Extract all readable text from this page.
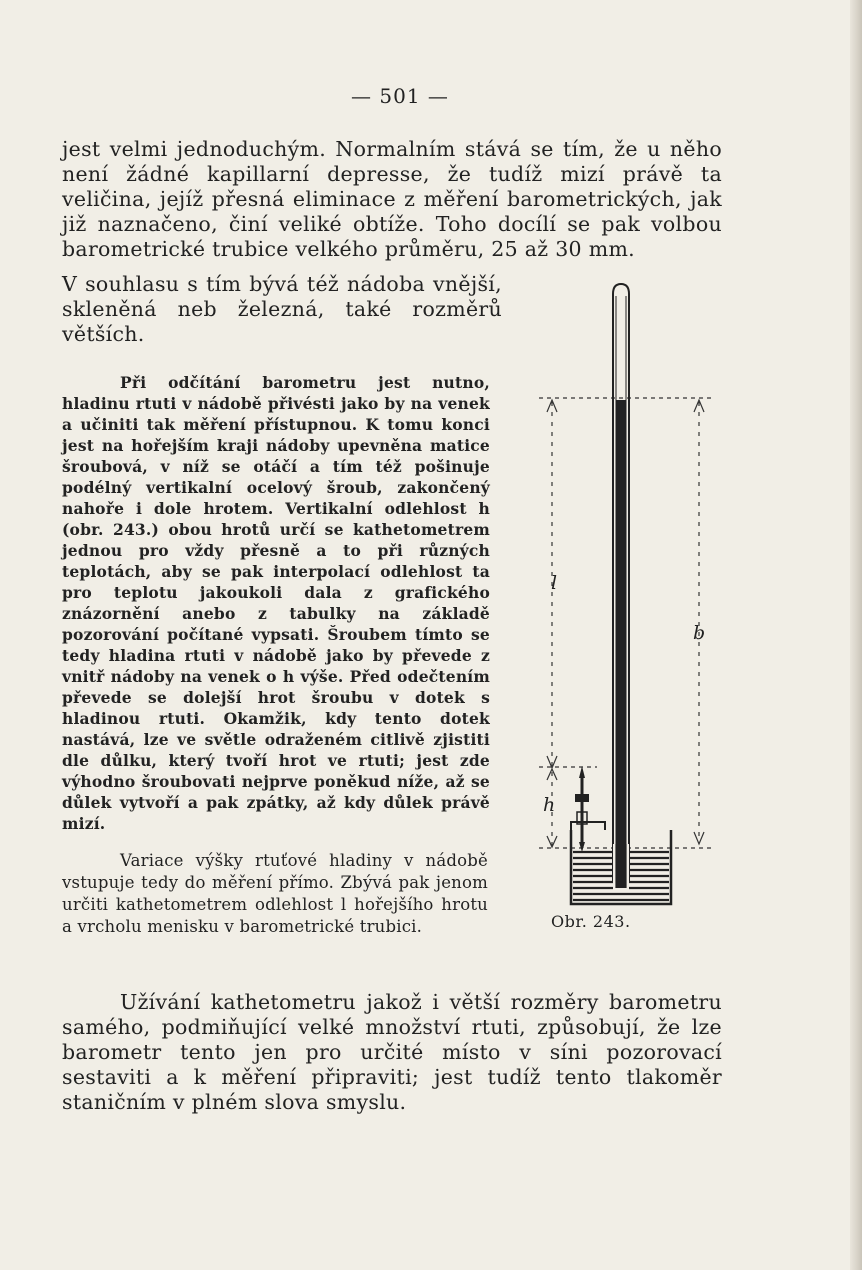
— 501 —

jest velmi jednoduchým. Normalním stává se tím, že u něho není žádné kapillarní depresse, že tudíž mizí právě ta veličina, jejíž přesná eliminace z měření barometrických, jak již naznačeno, činí veliké obtíže. Toho docílí se pak volbou barometrické trubice velkého průměru, 25 až 30 mm.

V souhlasu s tím bývá též nádoba vnější, skleněná neb železná, také rozměrů větších.

Při odčítání barometru jest nutno, hladinu rtuti v nádobě přivésti jako by na venek a učiniti tak měření přístupnou. K tomu konci jest na hořejším kraji nádoby upevněna matice šroubová, v níž se otáčí a tím též pošinuje podélný vertikalní ocelový šroub, zakončený nahoře i dole hrotem. Vertikalní odlehlost h (obr. 243.) obou hrotů určí se kathetometrem jednou pro vždy přesně a to při různých teplotách, aby se pak interpolací odlehlost ta pro teplotu jakoukoli dala z grafického znázornění anebo z tabulky na základě pozorování počítané vypsati. Šroubem tímto se tedy hladina rtuti v nádobě jako by převede z vnitř nádoby na venek o h výše. Před odečtením převede se dolejší hrot šroubu v dotek s hladinou rtuti. Okamžik, kdy tento dotek nastává, lze ve světle odraženém citlivě zjistiti dle důlku, který tvoří hrot ve rtuti; jest zde výhodno šroubovati nejprve poněkud níže, až se důlek vytvoří a pak zpátky, až kdy důlek právě mizí.

Variace výšky rtuťové hladiny v nádobě vstupuje tedy do měření přímo. Zbývá pak jenom určiti kathetometrem odlehlost l hořejšího hrotu a vrcholu menisku v barometrické trubici.

Užívání kathetometru jakož i větší rozměry barometru samého, podmiňující velké množství rtuti, způsobují, že lze barometr tento jen pro určité místo v síni pozorovací sestaviti a k měření připraviti; jest tudíž tento tlakoměr staničním v plném slova smyslu.

l
b
h
Obr. 243.
